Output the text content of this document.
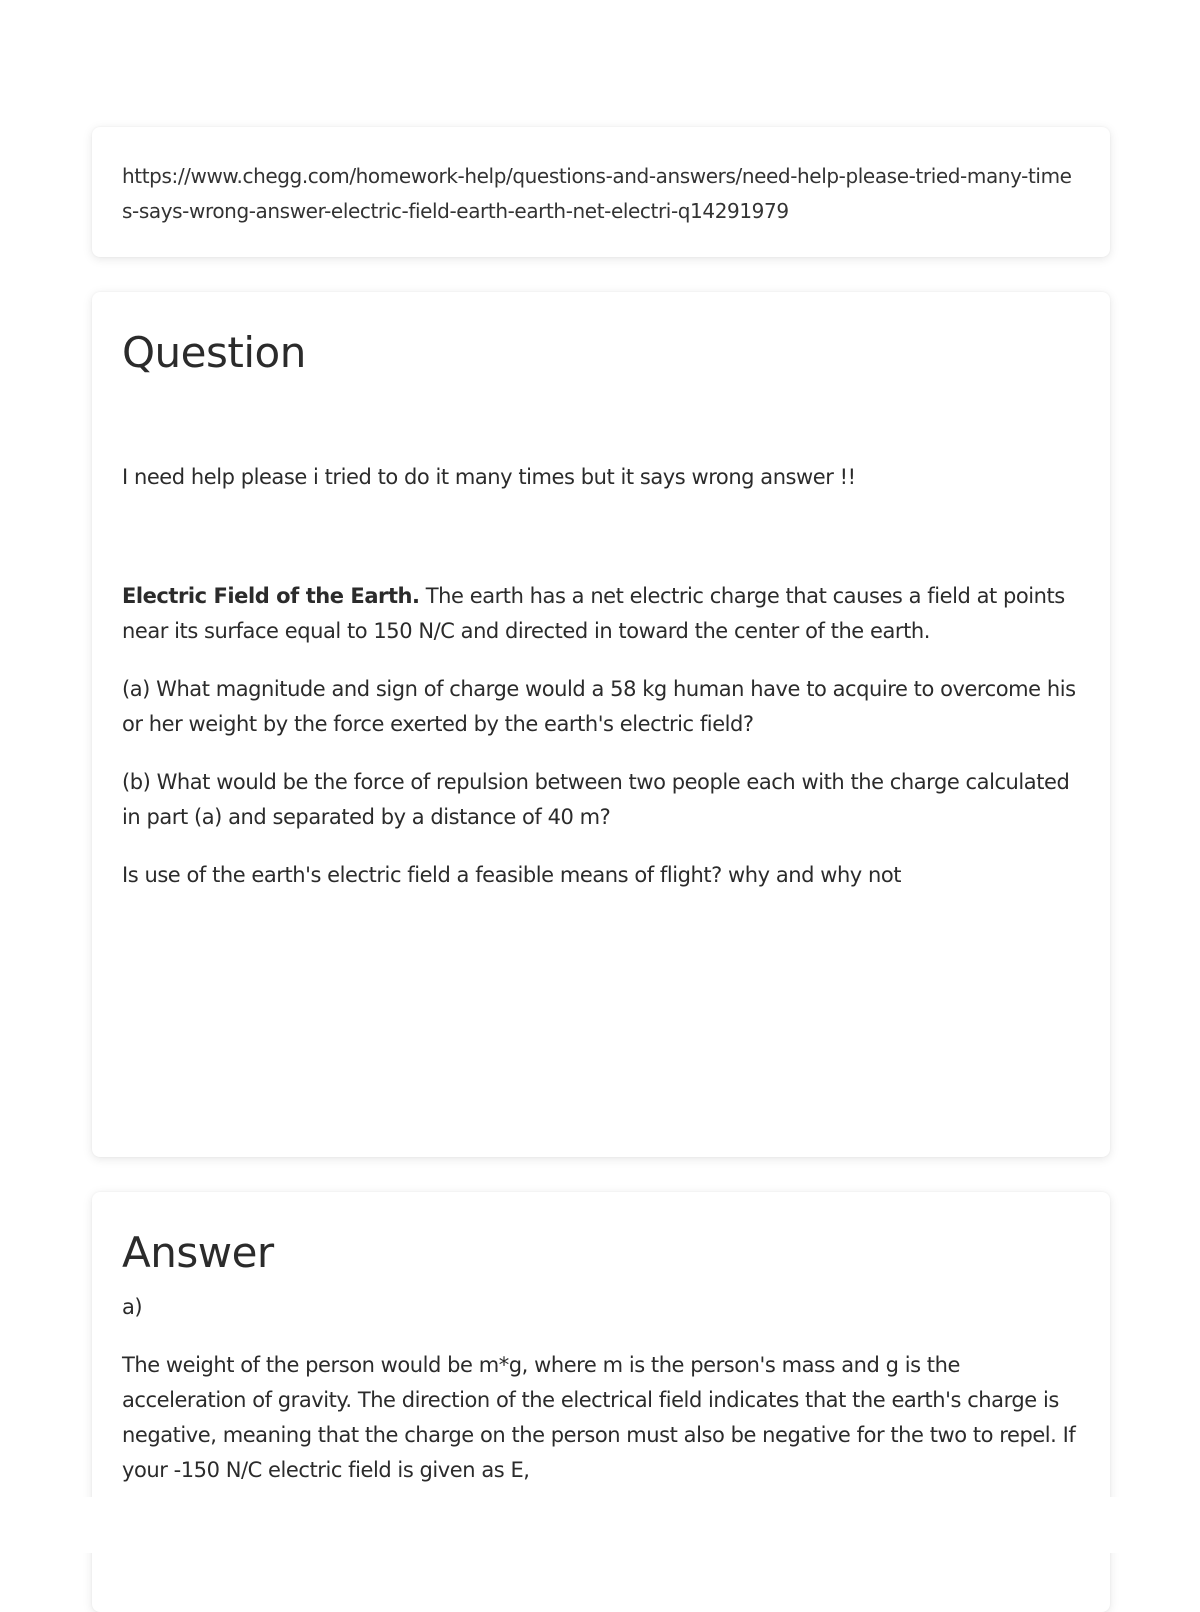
https://www.chegg.com/homework-help/questions-and-answers/need-help-please-tried-many-times-says-wrong-answer-electric-field-earth-earth-net-electri-q14291979

Question

I need help please i tried to do it many times but it says wrong answer !!

Electric Field of the Earth. The earth has a net electric charge that causes a field at points near its surface equal to 150 N/C and directed in toward the center of the earth.

(a) What magnitude and sign of charge would a 58 kg human have to acquire to overcome his or her weight by the force exerted by the earth's electric field?

(b) What would be the force of repulsion between two people each with the charge calculated in part (a) and separated by a distance of 40 m?

Is use of the earth's electric field a feasible means of flight? why and why not

Answer

a)

The weight of the person would be m*g, where m is the person's mass and g is the acceleration of gravity. The direction of the electrical field indicates that the earth's charge is negative, meaning that the charge on the person must also be negative for the two to repel. If your -150 N/C electric field is given as E,
